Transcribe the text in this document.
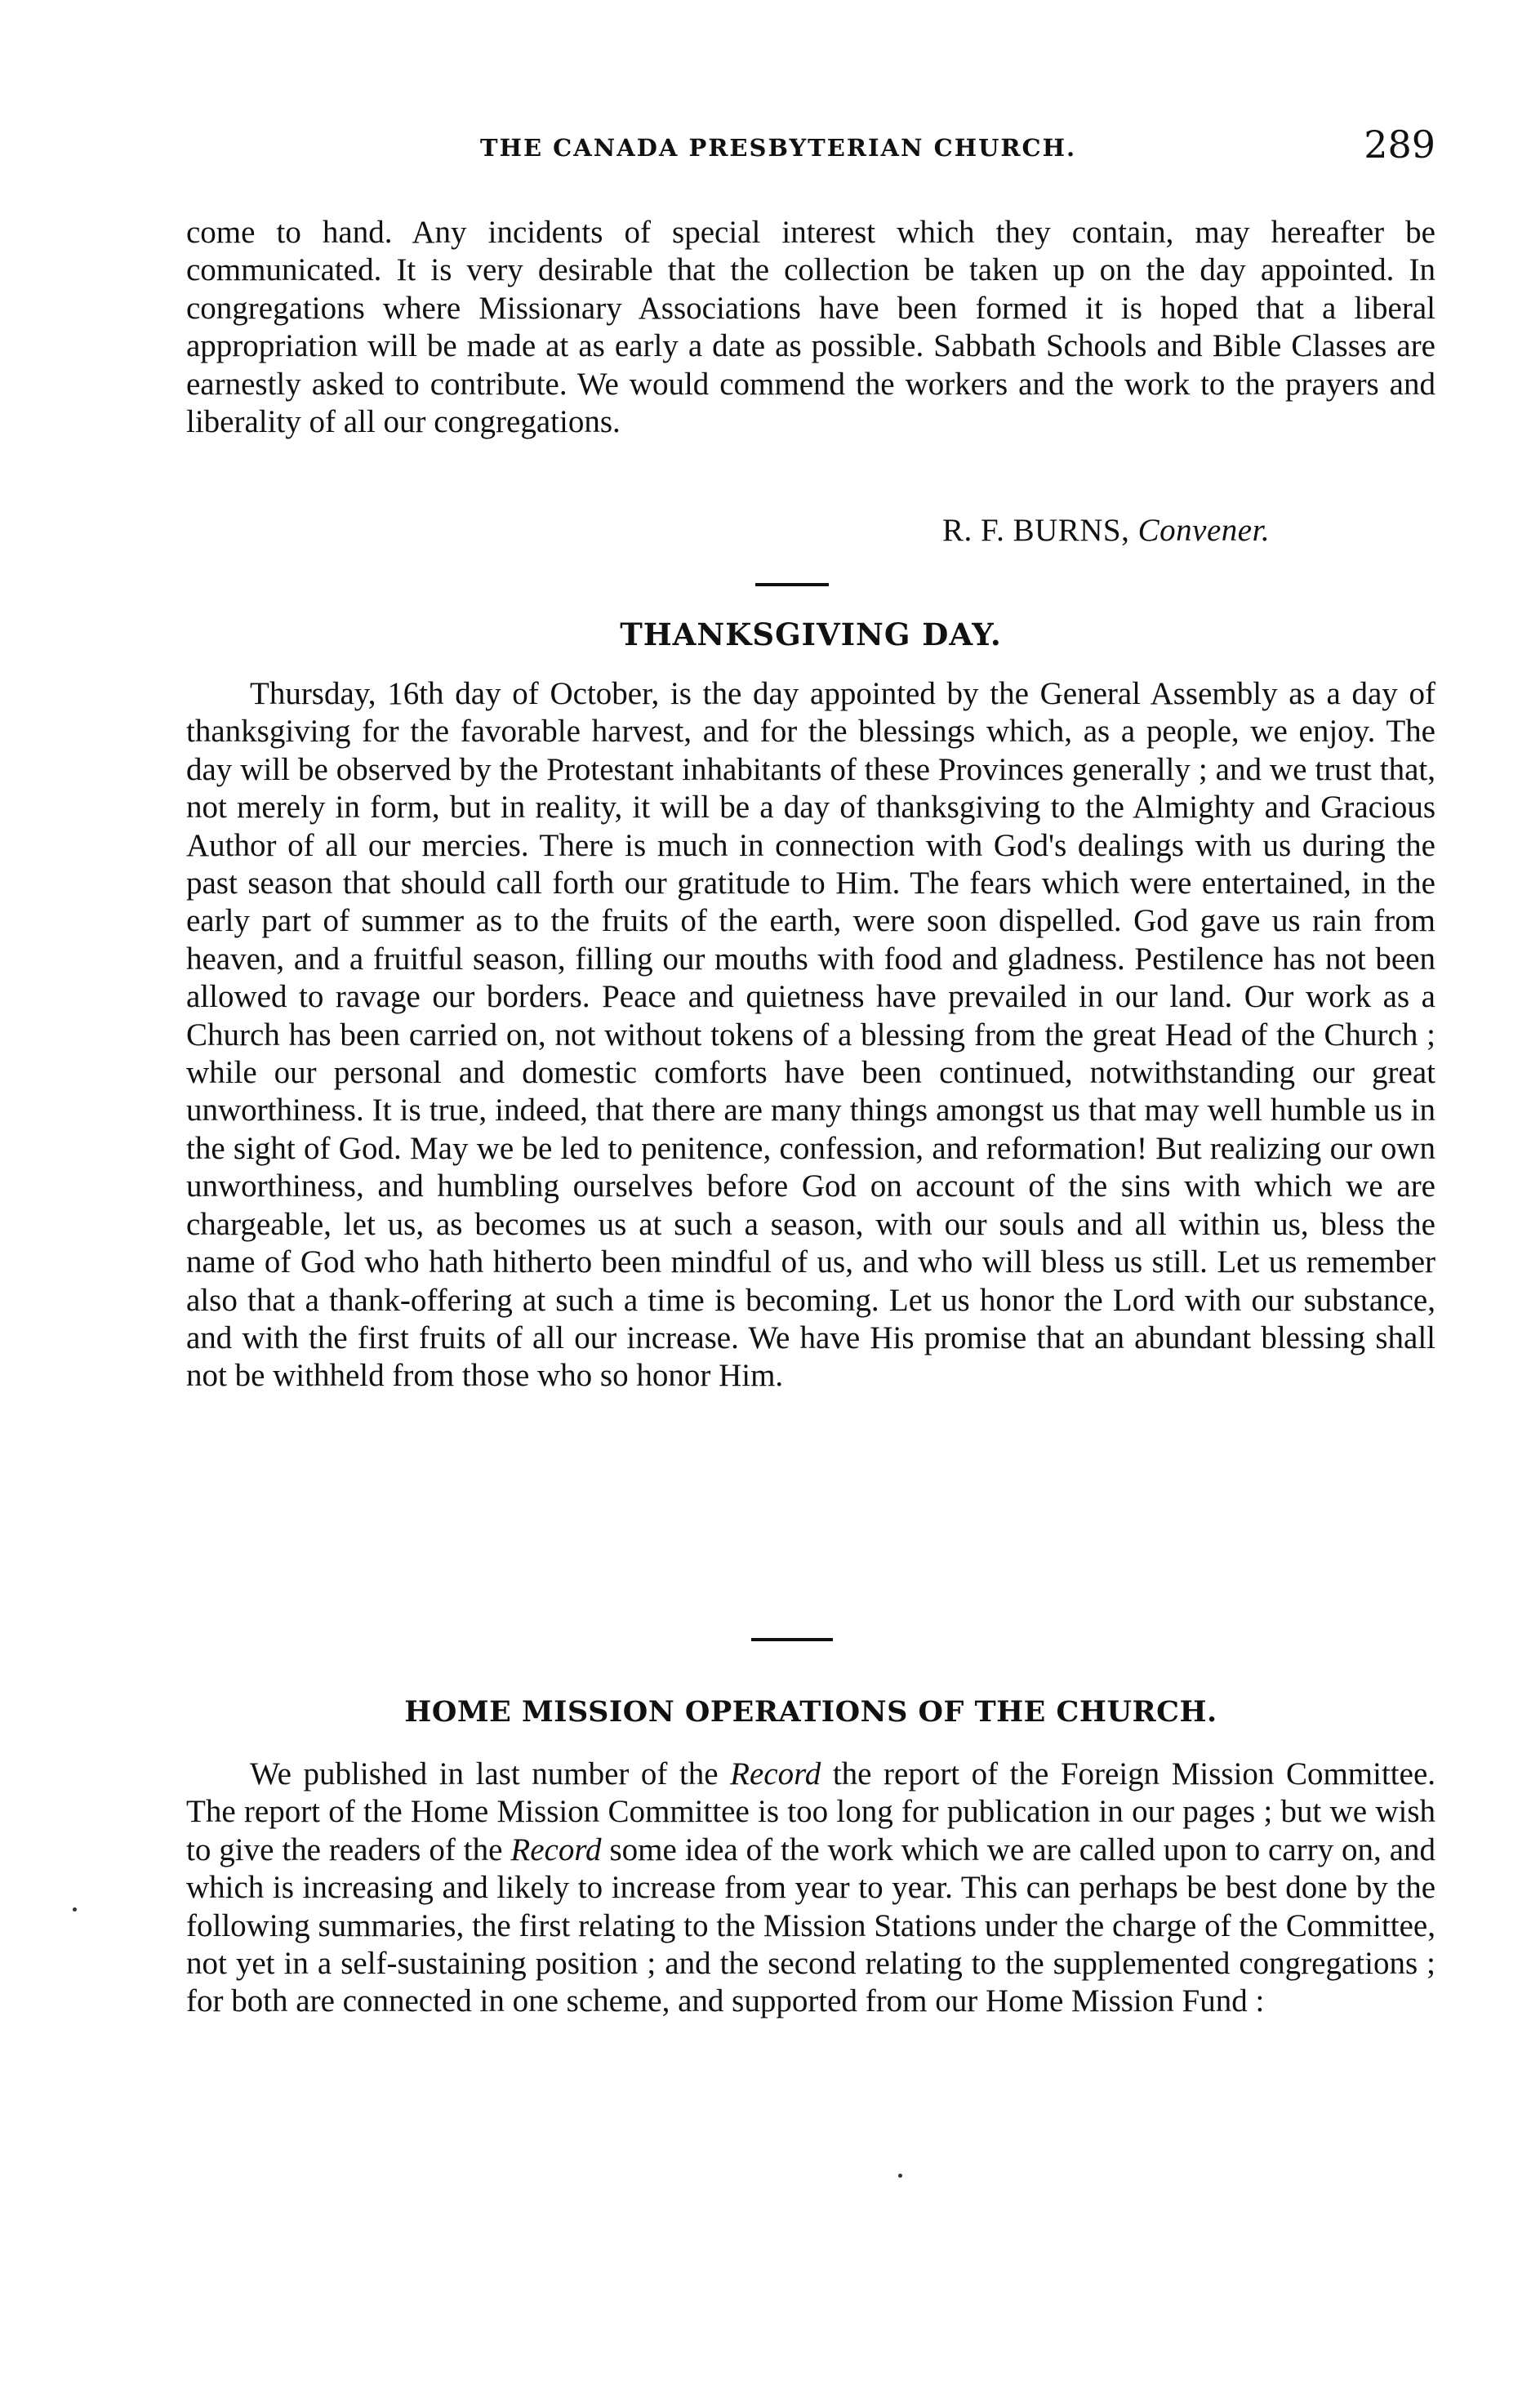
THE CANADA PRESBYTERIAN CHURCH.	289

come to hand. Any incidents of special interest which they contain, may hereafter be communicated. It is very desirable that the collection be taken up on the day appointed. In congregations where Missionary Associations have been formed it is hoped that a liberal appropriation will be made at as early a date as possible. Sabbath Schools and Bible Classes are earnestly asked to contribute. We would commend the workers and the work to the prayers and liberality of all our congregations.

R. F. BURNS, Convener.
THANKSGIVING DAY.

Thursday, 16th day of October, is the day appointed by the General Assembly as a day of thanksgiving for the favorable harvest, and for the blessings which, as a people, we enjoy. The day will be observed by the Protestant inhabitants of these Provinces generally ; and we trust that, not merely in form, but in reality, it will be a day of thanksgiving to the Almighty and Gracious Author of all our mercies. There is much in connection with God's dealings with us during the past season that should call forth our gratitude to Him. The fears which were entertained, in the early part of summer as to the fruits of the earth, were soon dispelled. God gave us rain from heaven, and a fruitful season, filling our mouths with food and gladness. Pestilence has not been allowed to ravage our borders. Peace and quietness have prevailed in our land. Our work as a Church has been carried on, not without tokens of a blessing from the great Head of the Church ; while our personal and domestic comforts have been continued, notwithstanding our great unworthiness. It is true, indeed, that there are many things amongst us that may well humble us in the sight of God. May we be led to penitence, confession, and reformation! But realizing our own unworthiness, and humbling ourselves before God on account of the sins with which we are chargeable, let us, as becomes us at such a season, with our souls and all within us, bless the name of God who hath hitherto been mindful of us, and who will bless us still. Let us remember also that a thank-offering at such a time is becoming. Let us honor the Lord with our substance, and with the first fruits of all our increase. We have His promise that an abundant blessing shall not be withheld from those who so honor Him.

HOME MISSION OPERATIONS OF THE CHURCH.

We published in last number of the Record the report of the Foreign Mission Committee. The report of the Home Mission Committee is too long for publication in our pages ; but we wish to give the readers of the Record some idea of the work which we are called upon to carry on, and which is increasing and likely to increase from year to year. This can perhaps be best done by the following summaries, the first relating to the Mission Stations under the charge of the Committee, not yet in a self-sustaining position ; and the second relating to the supplemented congregations ; for both are connected in one scheme, and supported from our Home Mission Fund :
